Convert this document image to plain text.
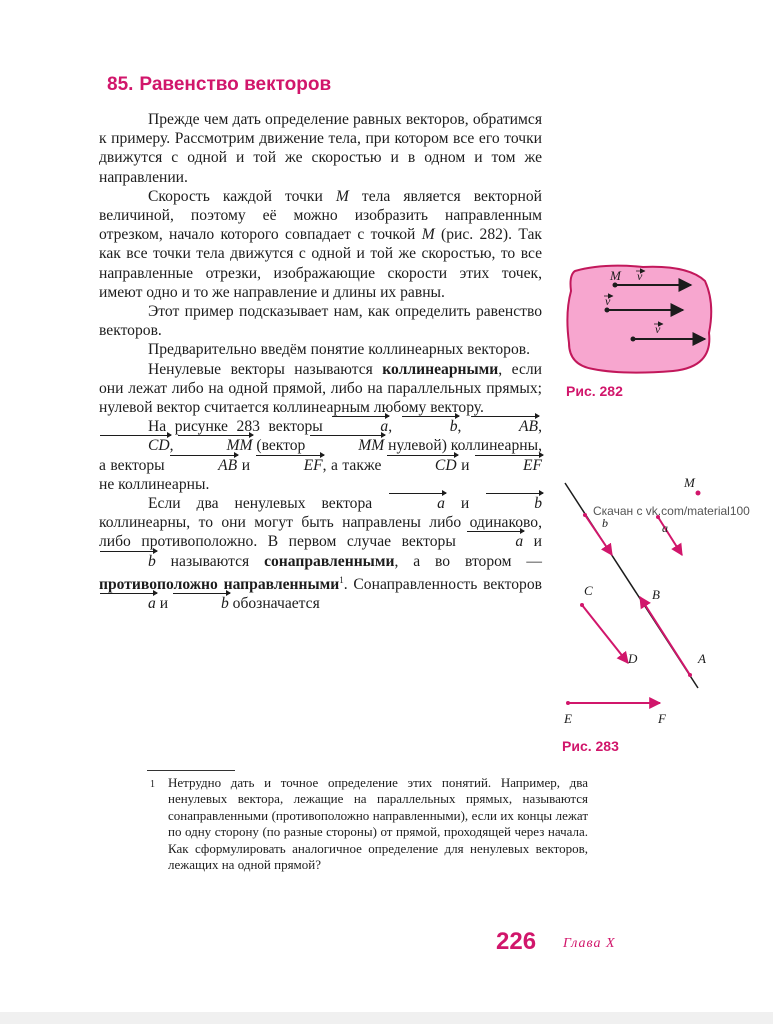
85. Равенство векторов

Прежде чем дать определение равных векторов, обратимся к примеру. Рассмотрим движение тела, при котором все его точки движутся с одной и той же скоростью и в одном и том же направлении.

Скорость каждой точки M тела является векторной величиной, поэтому её можно изобразить направленным отрезком, начало которого совпадает с точкой M (рис. 282). Так как все точки тела движутся с одной и той же скоростью, то все направленные отрезки, изображающие скорости этих точек, имеют одно и то же направление и длины их равны.

Этот пример подсказывает нам, как определить равенство векторов.

Предварительно введём понятие коллинеарных векторов.

Ненулевые векторы называются коллинеарными, если они лежат либо на одной прямой, либо на параллельных прямых; нулевой вектор считается коллинеарным любому вектору.

На рисунке 283 векторы	a,	b,	AB, CD,	MM (вектор	MM нулевой) коллинеарны, а векторы	AB и	EF, а также	CD и	EF не коллинеарны.

Если два ненулевых вектора	a и	b коллинеарны, то они могут быть направлены либо одинаково, либо противоположно. В первом случае векторы	a и b называются сонаправленными, а во втором — противоположно направленными$^1$. Сонаправленность векторов a и	b обозначается

M v
v
v
Рис. 282
M
b	a
C
D
B
A
E	F
Скачан с vk.com/material100
Рис. 283
1 Нетрудно дать и точное определение этих понятий. Например, два ненулевых вектора, лежащие на параллельных прямых, называются сонаправленными (противоположно направленными), если их концы лежат по одну сторону (по разные стороны) от прямой, проходящей через начала. Как сформулировать аналогичное определение для ненулевых векторов, лежащих на одной прямой?
226 Глава X
